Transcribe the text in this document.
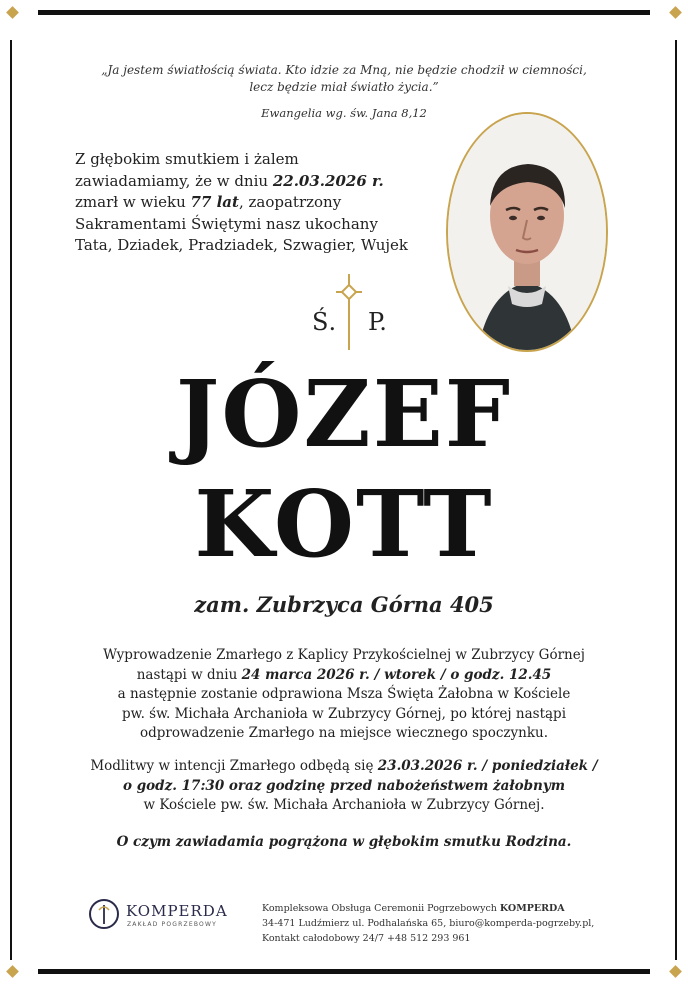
„Ja jestem światłością świata. Kto idzie za Mną, nie będzie chodził w ciemności,
lecz będzie miał światło życia.”
Ewangelia wg. św. Jana 8,12
Z głębokim smutkiem i żalem
zawiadamiamy, że w dniu 22.03.2026 r.
zmarł w wieku 77 lat, zaopatrzony
Sakramentami Świętymi nasz ukochany
Tata, Dziadek, Pradziadek, Szwagier, Wujek
Ś. P.
JÓZEF
KOTT
zam. Zubrzyca Górna 405
Wyprowadzenie Zmarłego z Kaplicy Przykościelnej w Zubrzycy Górnej
nastąpi w dniu 24 marca 2026 r. / wtorek / o godz. 12.45
a następnie zostanie odprawiona Msza Święta Żałobna w Kościele
pw. św. Michała Archanioła w Zubrzycy Górnej, po której nastąpi
odprowadzenie Zmarłego na miejsce wiecznego spoczynku.
Modlitwy w intencji Zmarłego odbędą się 23.03.2026 r. / poniedziałek /
o godz. 17:30 oraz godzinę przed nabożeństwem żałobnym
w Kościele pw. św. Michała Archanioła w Zubrzycy Górnej.
O czym zawiadamia pogrążona w głębokim smutku Rodzina.
KOMPERDA
ZAKŁAD POGRZEBOWY
Kompleksowa Obsługa Ceremonii Pogrzebowych KOMPERDA
34-471 Ludźmierz ul. Podhalańska 65, biuro@komperda-pogrzeby.pl,
Kontakt całodobowy 24/7 +48 512 293 961
